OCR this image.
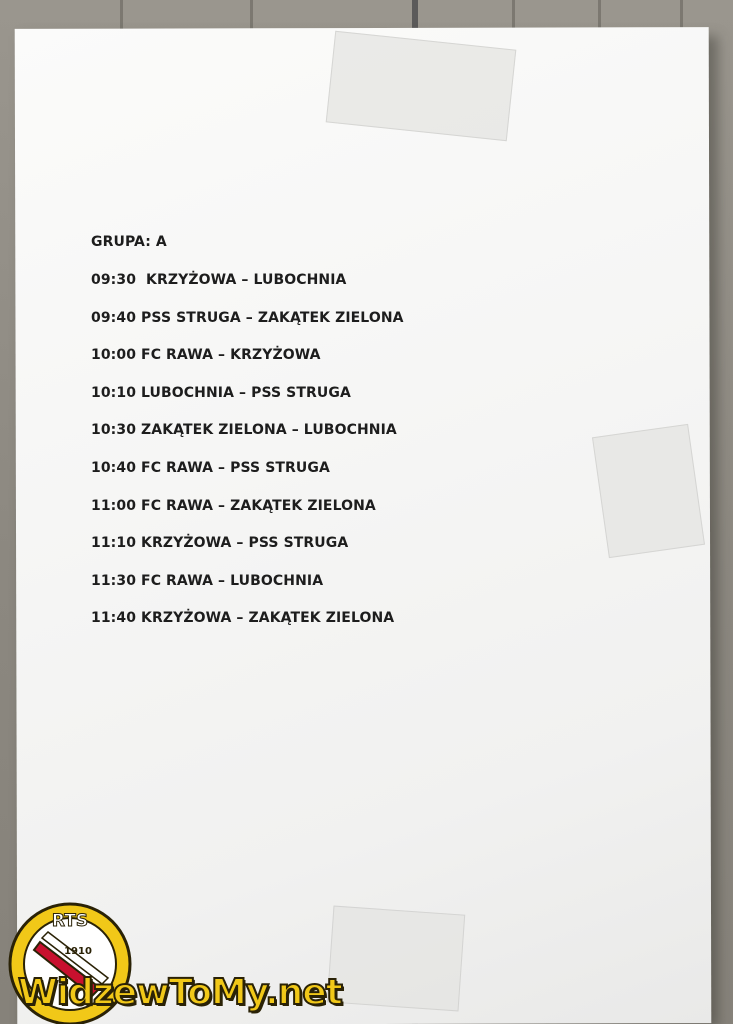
GRUPA: A
09:30  KRZYŻOWA – LUBOCHNIA
09:40 PSS STRUGA – ZAKĄTEK ZIELONA
10:00 FC RAWA – KRZYŻOWA
10:10 LUBOCHNIA – PSS STRUGA
10:30 ZAKĄTEK ZIELONA – LUBOCHNIA
10:40 FC RAWA – PSS STRUGA
11:00 FC RAWA – ZAKĄTEK ZIELONA
11:10 KRZYŻOWA – PSS STRUGA
11:30 FC RAWA – LUBOCHNIA
11:40 KRZYŻOWA – ZAKĄTEK ZIELONA
RTS
1910
WidzewToMy.net
